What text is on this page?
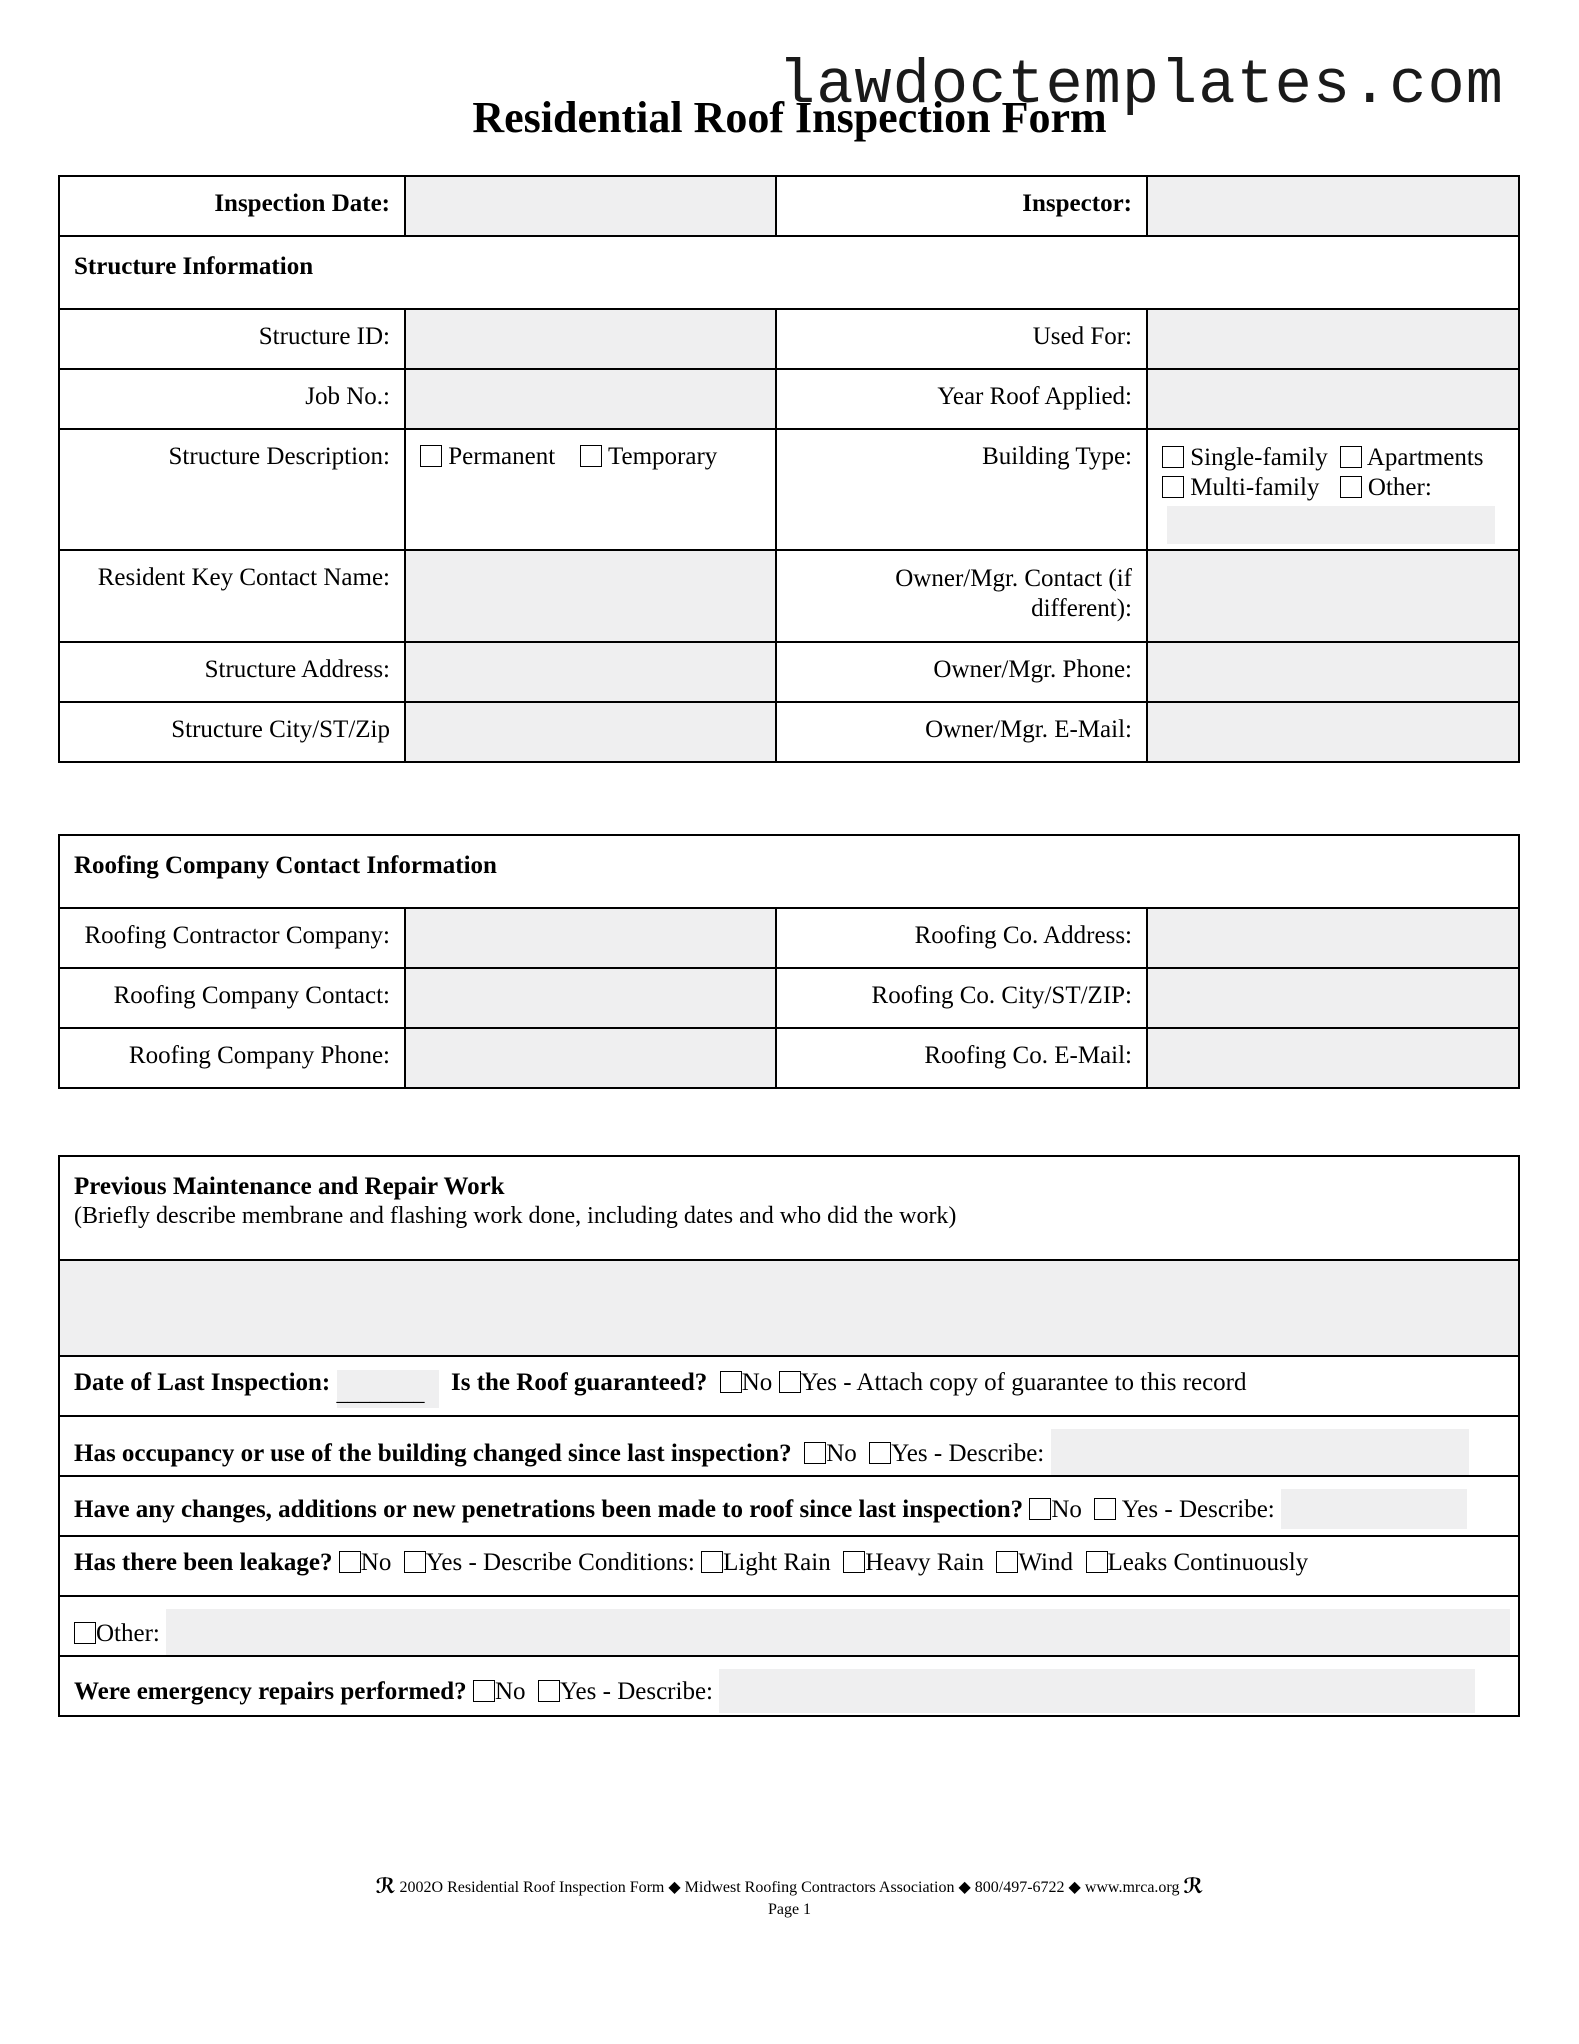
lawdoctemplates.com
Residential Roof Inspection Form
Inspection Date:		Inspector:	
Structure Information			
Structure ID:		Used For:	
Job No.:		Year Roof Applied:	
Structure Description:	Permanent Temporary	Building Type:	Single-family Apartments
Multi-family Other:

Resident Key Contact Name:		Owner/Mgr. Contact (if different):	
Structure Address:		Owner/Mgr. Phone:	
Structure City/ST/Zip		Owner/Mgr. E-Mail:	
Roofing Company Contact Information			
Roofing Contractor Company:		Roofing Co. Address:	
Roofing Company Contact:		Roofing Co. City/ST/ZIP:	
Roofing Company Phone:		Roofing Co. E-Mail:	
Previous Maintenance and Repair Work
(Briefly describe membrane and flashing work done, including dates and who did the work)

Date of Last Inspection: ________	Is the Roof guaranteed? No Yes - Attach copy of guarantee to this record
Has occupancy or use of the building changed since last inspection? No Yes - Describe:
Have any changes, additions or new penetrations been made to roof since last inspection? No Yes - Describe:
Has there been leakage? No Yes - Describe Conditions: Light Rain Heavy Rain Wind Leaks Continuously
Other:
Were emergency repairs performed? No Yes - Describe:
ℛ 2002O Residential Roof Inspection Form ◆ Midwest Roofing Contractors Association ◆ 800/497-6722 ◆ www.mrca.org ℛ
Page 1
